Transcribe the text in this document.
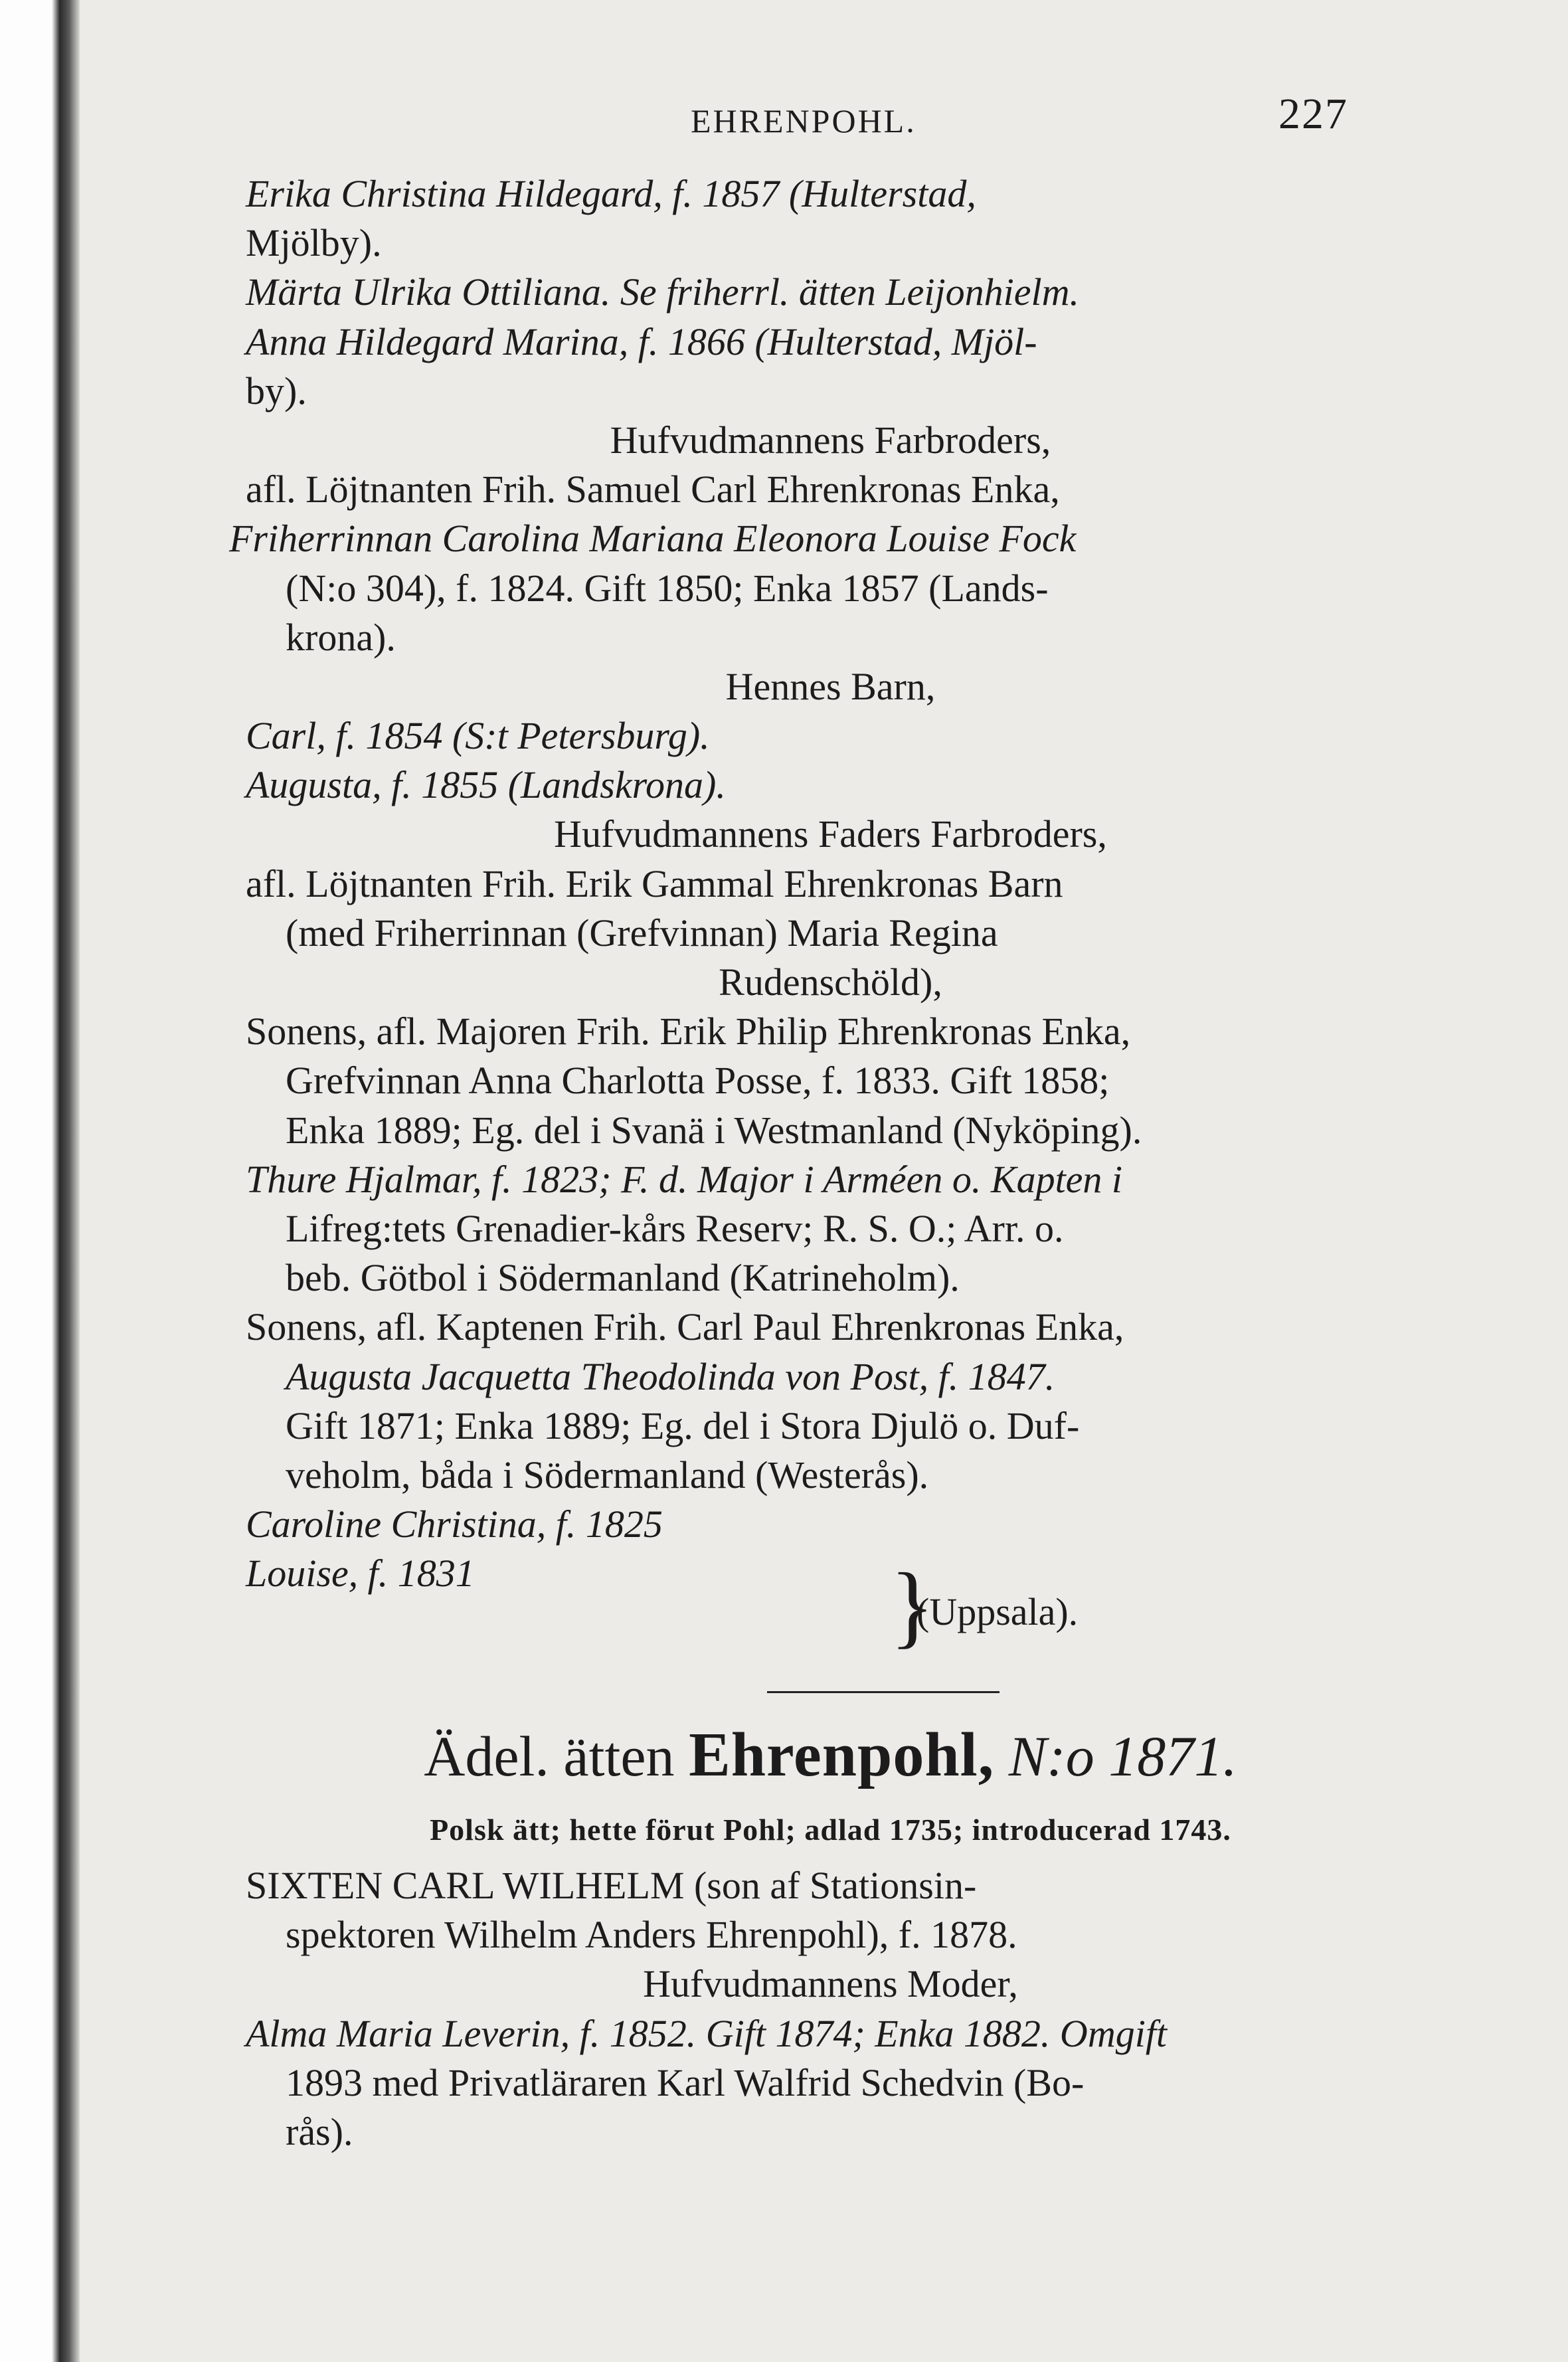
EHRENPOHL.	227
Erika Christina Hildegard, f. 1857 (Hulterstad,
Mjölby).
Märta Ulrika Ottiliana. Se friherrl. ätten Leijonhielm.
Anna Hildegard Marina, f. 1866 (Hulterstad, Mjöl-
by).
Hufvudmannens Farbroders,
afl. Löjtnanten Frih. Samuel Carl Ehrenkronas Enka,
Friherrinnan Carolina Mariana Eleonora Louise Fock
(N:o 304), f. 1824. Gift 1850; Enka 1857 (Lands-
krona).
Hennes Barn,
Carl, f. 1854 (S:t Petersburg).
Augusta, f. 1855 (Landskrona).
Hufvudmannens Faders Farbroders,
afl. Löjtnanten Frih. Erik Gammal Ehrenkronas Barn
(med Friherrinnan (Grefvinnan) Maria Regina
Rudenschöld),
Sonens, afl. Majoren Frih. Erik Philip Ehrenkronas Enka,
Grefvinnan Anna Charlotta Posse, f. 1833. Gift 1858;
Enka 1889; Eg. del i Svanä i Westmanland (Nyköping).
Thure Hjalmar, f. 1823; F. d. Major i Arméen o. Kapten i
Lifreg:tets Grenadier-kårs Reserv; R. S. O.; Arr. o.
beb. Götbol i Södermanland (Katrineholm).
Sonens, afl. Kaptenen Frih. Carl Paul Ehrenkronas Enka,
Augusta Jacquetta Theodolinda von Post, f. 1847.
Gift 1871; Enka 1889; Eg. del i Stora Djulö o. Duf-
veholm, båda i Södermanland (Westerås).
Caroline Christina, f. 1825
Louise, f. 1831	}
(Uppsala).
Ädel. ätten Ehrenpohl, N:o 1871.
Polsk ätt; hette förut Pohl; adlad 1735; introducerad 1743.
SIXTEN CARL WILHELM (son af Stationsin-
spektoren Wilhelm Anders Ehrenpohl), f. 1878.
Hufvudmannens Moder,
Alma Maria Leverin, f. 1852. Gift 1874; Enka 1882. Omgift
1893 med Privatläraren Karl Walfrid Schedvin (Bo-
rås).
